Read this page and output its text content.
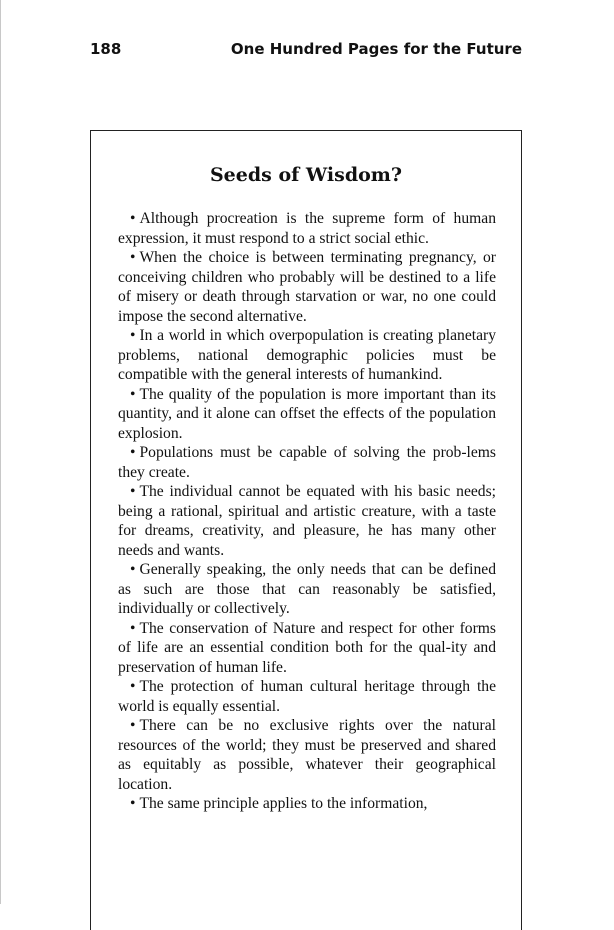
188	One Hundred Pages for the Future
Seeds of Wisdom?

• Although procreation is the supreme form of human expression, it must respond to a strict social ethic.

• When the choice is between terminating pregnancy, or conceiving children who probably will be destined to a life of misery or death through starvation or war, no one could impose the second alternative.

• In a world in which overpopulation is creating planetary problems, national demographic policies must be compatible with the general interests of humankind.

• The quality of the population is more important than its quantity, and it alone can offset the effects of the population explosion.

• Populations must be capable of solving the prob-lems they create.

• The individual cannot be equated with his basic needs; being a rational, spiritual and artistic creature, with a taste for dreams, creativity, and pleasure, he has many other needs and wants.

• Generally speaking, the only needs that can be defined as such are those that can reasonably be satisfied, individually or collectively.

• The conservation of Nature and respect for other forms of life are an essential condition both for the qual-ity and preservation of human life.

• The protection of human cultural heritage through the world is equally essential.

• There can be no exclusive rights over the natural resources of the world; they must be preserved and shared as equitably as possible, whatever their geographical location.

• The same principle applies to the information,
